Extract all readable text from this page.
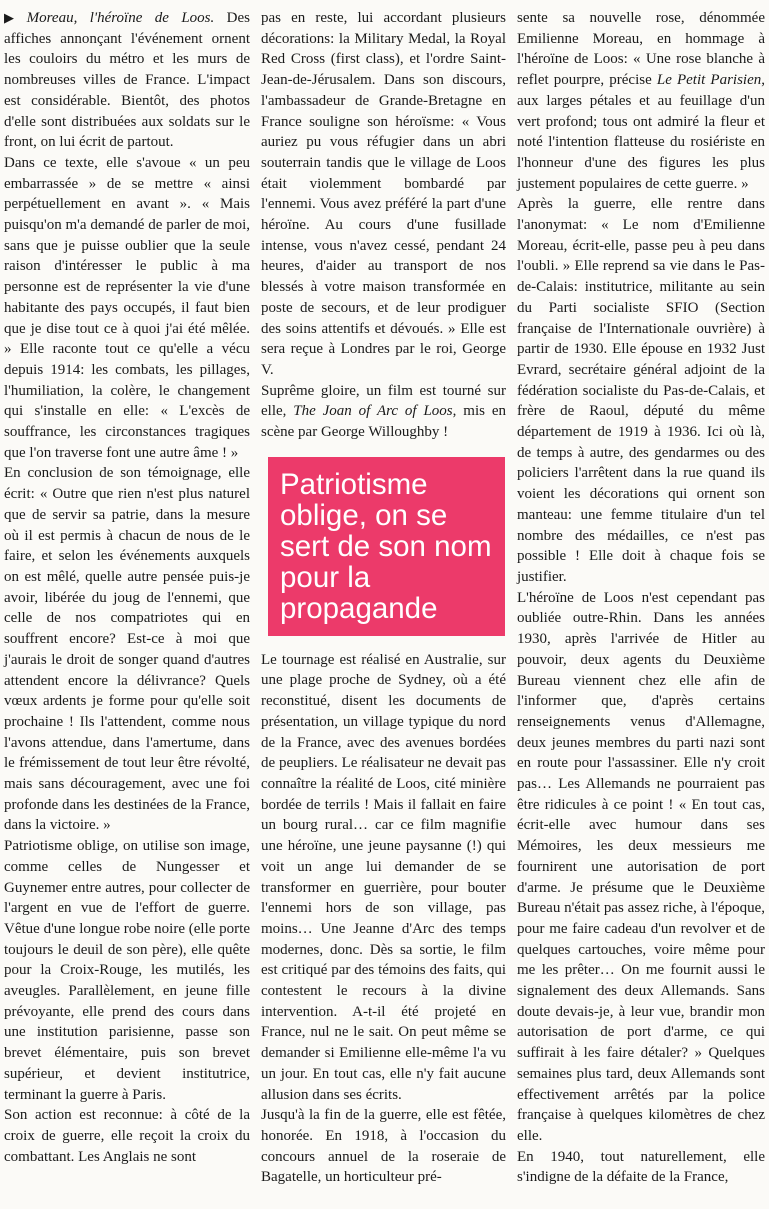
▶ Moreau, l'héroïne de Loos. Des affiches annonçant l'événement ornent les couloirs du métro et les murs de nombreuses villes de France. L'impact est considérable. Bientôt, des photos d'elle sont distribuées aux soldats sur le front, on lui écrit de partout.

Dans ce texte, elle s'avoue « un peu embarrassée » de se mettre « ainsi perpétuellement en avant ». « Mais puisqu'on m'a demandé de parler de moi, sans que je puisse oublier que la seule raison d'intéresser le public à ma personne est de représenter la vie d'une habitante des pays occupés, il faut bien que je dise tout ce à quoi j'ai été mêlée. » Elle raconte tout ce qu'elle a vécu depuis 1914: les combats, les pillages, l'humiliation, la colère, le changement qui s'installe en elle: « L'excès de souffrance, les circonstances tragiques que l'on traverse font une autre âme ! »

En conclusion de son témoignage, elle écrit: « Outre que rien n'est plus naturel que de servir sa patrie, dans la mesure où il est permis à chacun de nous de le faire, et selon les événements auxquels on est mêlé, quelle autre pensée puis-je avoir, libérée du joug de l'ennemi, que celle de nos compatriotes qui en souffrent encore? Est-ce à moi que j'aurais le droit de songer quand d'autres attendent encore la délivrance? Quels vœux ardents je forme pour qu'elle soit prochaine ! Ils l'attendent, comme nous l'avons attendue, dans l'amertume, dans le frémissement de tout leur être révolté, mais sans découragement, avec une foi profonde dans les destinées de la France, dans la victoire. »

Patriotisme oblige, on utilise son image, comme celles de Nungesser et Guynemer entre autres, pour collecter de l'argent en vue de l'effort de guerre. Vêtue d'une longue robe noire (elle porte toujours le deuil de son père), elle quête pour la Croix-Rouge, les mutilés, les aveugles. Parallèlement, en jeune fille prévoyante, elle prend des cours dans une institution parisienne, passe son brevet élémentaire, puis son brevet supérieur, et devient institutrice, terminant la guerre à Paris.

Son action est reconnue: à côté de la croix de guerre, elle reçoit la croix du combattant. Les Anglais ne sont

pas en reste, lui accordant plusieurs décorations: la Military Medal, la Royal Red Cross (first class), et l'ordre Saint-Jean-de-Jérusalem. Dans son discours, l'ambassadeur de Grande-Bretagne en France souligne son héroïsme: « Vous auriez pu vous réfugier dans un abri souterrain tandis que le village de Loos était violemment bombardé par l'ennemi. Vous avez préféré la part d'une héroïne. Au cours d'une fusillade intense, vous n'avez cessé, pendant 24 heures, d'aider au transport de nos blessés à votre maison transformée en poste de secours, et de leur prodiguer des soins attentifs et dévoués. » Elle est sera reçue à Londres par le roi, George V.

Suprême gloire, un film est tourné sur elle, The Joan of Arc of Loos, mis en scène par George Willoughby !

Patriotisme oblige, on se sert de son nom pour la propagande

Le tournage est réalisé en Australie, sur une plage proche de Sydney, où a été reconstitué, disent les documents de présentation, un village typique du nord de la France, avec des avenues bordées de peupliers. Le réalisateur ne devait pas connaître la réalité de Loos, cité minière bordée de terrils ! Mais il fallait en faire un bourg rural… car ce film magnifie une héroïne, une jeune paysanne (!) qui voit un ange lui demander de se transformer en guerrière, pour bouter l'ennemi hors de son village, pas moins… Une Jeanne d'Arc des temps modernes, donc. Dès sa sortie, le film est critiqué par des témoins des faits, qui contestent le recours à la divine intervention. A-t-il été projeté en France, nul ne le sait. On peut même se demander si Emilienne elle-même l'a vu un jour. En tout cas, elle n'y fait aucune allusion dans ses écrits.

Jusqu'à la fin de la guerre, elle est fêtée, honorée. En 1918, à l'occasion du concours annuel de la roseraie de Bagatelle, un horticulteur pré-

sente sa nouvelle rose, dénommée Emilienne Moreau, en hommage à l'héroïne de Loos: « Une rose blanche à reflet pourpre, précise Le Petit Parisien, aux larges pétales et au feuillage d'un vert profond; tous ont admiré la fleur et noté l'intention flatteuse du rosiériste en l'honneur d'une des figures les plus justement populaires de cette guerre. »

Après la guerre, elle rentre dans l'anonymat: « Le nom d'Emilienne Moreau, écrit-elle, passe peu à peu dans l'oubli. » Elle reprend sa vie dans le Pas-de-Calais: institutrice, militante au sein du Parti socialiste SFIO (Section française de l'Internationale ouvrière) à partir de 1930. Elle épouse en 1932 Just Evrard, secrétaire général adjoint de la fédération socialiste du Pas-de-Calais, et frère de Raoul, député du même département de 1919 à 1936. Ici où là, de temps à autre, des gendarmes ou des policiers l'arrêtent dans la rue quand ils voient les décorations qui ornent son manteau: une femme titulaire d'un tel nombre des médailles, ce n'est pas possible ! Elle doit à chaque fois se justifier.

L'héroïne de Loos n'est cependant pas oubliée outre-Rhin. Dans les années 1930, après l'arrivée de Hitler au pouvoir, deux agents du Deuxième Bureau viennent chez elle afin de l'informer que, d'après certains renseignements venus d'Allemagne, deux jeunes membres du parti nazi sont en route pour l'assassiner. Elle n'y croit pas… Les Allemands ne pourraient pas être ridicules à ce point ! « En tout cas, écrit-elle avec humour dans ses Mémoires, les deux messieurs me fournirent une autorisation de port d'arme. Je présume que le Deuxième Bureau n'était pas assez riche, à l'époque, pour me faire cadeau d'un revolver et de quelques cartouches, voire même pour me les prêter… On me fournit aussi le signalement des deux Allemands. Sans doute devais-je, à leur vue, brandir mon autorisation de port d'arme, ce qui suffirait à les faire détaler? » Quelques semaines plus tard, deux Allemands sont effectivement arrêtés par la police française à quelques kilomètres de chez elle.

En 1940, tout naturellement, elle s'indigne de la défaite de la France,
